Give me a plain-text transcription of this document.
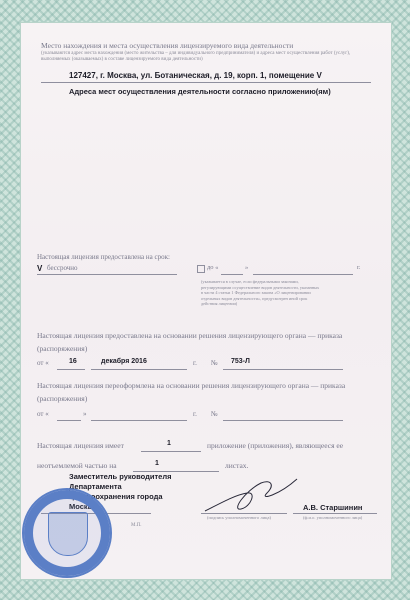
Место нахождения и места осуществления лицензируемого вида деятельности
(указываются адрес места нахождения (место жительства – для индивидуального предпринимателя) и адреса мест осуществления работ (услуг), выполняемых (оказываемых) в составе лицензируемого вида деятельности)
127427, г. Москва, ул. Ботаническая, д. 19, корп. 1, помещение V
Адреса мест осуществления деятельности согласно приложению(ям)
Настоящая лицензия предоставлена на срок:
V бессрочно	до «	»	г.
(указывается в случае, если федеральными законами, регулирующими осуществление видов деятельности, указанных в части 4 статьи 1 Федерального закона «О лицензировании отдельных видов деятельности», предусмотрен иной срок действия лицензии)
Настоящая лицензия предоставлена на основании решения лицензирующего органа — приказа (распоряжения)
от «	16	декабря 2016	г. № 753-Л
Настоящая лицензия переоформлена на основании решения лицензирующего органа — приказа (распоряжения)
от «	»	г. №
Настоящая лицензия имеет	1	приложение (приложения), являющееся ее
неотъемлемой частью на	1	листах.
Заместитель руководителя
Департамента
здравоохранения города
Москвы
(подпись уполномоченного лица)
А.В. Старшинин
(ф.и.о. уполномоченного лица)
М.П.
